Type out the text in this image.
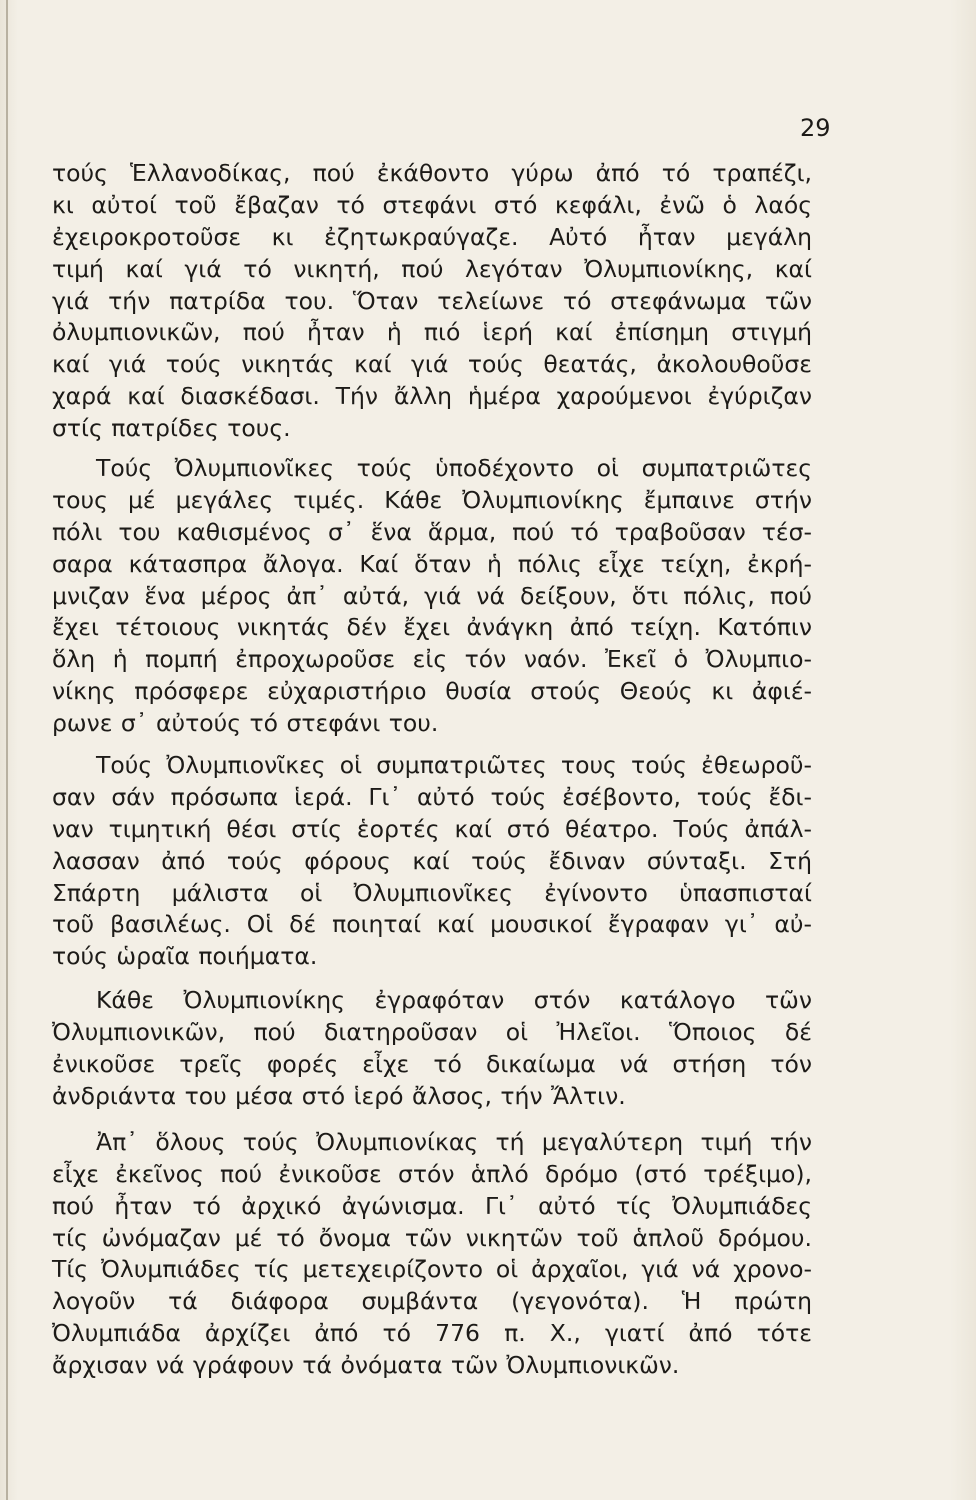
29
τούς Ἑλλανοδίκας, πού ἐκάθοντο γύρω ἀπό τό τραπέζι,
κι αὐτοί τοῦ ἔβαζαν τό στεφάνι στό κεφάλι, ἐνῶ ὁ λαός
ἐχειροκροτοῦσε κι ἐζητωκραύγαζε. Αὐτό ἦταν μεγάλη
τιμή καί γιά τό νικητή, πού λεγόταν Ὀλυμπιονίκης, καί
γιά τήν πατρίδα του. Ὅταν τελείωνε τό στεφάνωμα τῶν
ὀλυμπιονικῶν, πού ἦταν ἡ πιό ἱερή καί ἐπίσημη στιγμή
καί γιά τούς νικητάς καί γιά τούς θεατάς, ἀκολουθοῦσε
χαρά καί διασκέδασι. Τήν ἄλλη ἡμέρα χαρούμενοι ἐγύριζαν
στίς πατρίδες τους.
Τούς Ὀλυμπιονῖκες τούς ὑποδέχοντο οἱ συμπατριῶτες
τους μέ μεγάλες τιμές. Κάθε Ὀλυμπιονίκης ἔμπαινε στήν
πόλι του καθισμένος σ᾽ ἕνα ἅρμα, πού τό τραβοῦσαν τέσ-
σαρα κάτασπρα ἄλογα. Καί ὅταν ἡ πόλις εἶχε τείχη, ἐκρή-
μνιζαν ἕνα μέρος ἀπ᾽ αὐτά, γιά νά δείξουν, ὅτι πόλις, πού
ἔχει τέτοιους νικητάς δέν ἔχει ἀνάγκη ἀπό τείχη. Κατόπιν
ὅλη ἡ πομπή ἐπροχωροῦσε εἰς τόν ναόν. Ἐκεῖ ὁ Ὀλυμπιο-
νίκης πρόσφερε εὐχαριστήριο θυσία στούς Θεούς κι ἀφιέ-
ρωνε σ᾽ αὐτούς τό στεφάνι του.
Τούς Ὀλυμπιονῖκες οἱ συμπατριῶτες τους τούς ἐθεωροῦ-
σαν σάν πρόσωπα ἱερά. Γι᾽ αὐτό τούς ἐσέβοντο, τούς ἔδι-
ναν τιμητική θέσι στίς ἑορτές καί στό θέατρο. Τούς ἀπάλ-
λασσαν ἀπό τούς φόρους καί τούς ἔδιναν σύνταξι. Στή
Σπάρτη μάλιστα οἱ Ὀλυμπιονῖκες ἐγίνοντο ὑπασπισταί
τοῦ βασιλέως. Οἱ δέ ποιηταί καί μουσικοί ἔγραφαν γι᾽ αὐ-
τούς ὡραῖα ποιήματα.
Κάθε Ὀλυμπιονίκης ἐγραφόταν στόν κατάλογο τῶν
Ὀλυμπιονικῶν, πού διατηροῦσαν οἱ Ἠλεῖοι. Ὅποιος δέ
ἐνικοῦσε τρεῖς φορές εἶχε τό δικαίωμα νά στήση τόν
ἀνδριάντα του μέσα στό ἱερό ἄλσος, τήν Ἄλτιν.
Ἀπ᾽ ὅλους τούς Ὀλυμπιονίκας τή μεγαλύτερη τιμή τήν
εἶχε ἐκεῖνος πού ἐνικοῦσε στόν ἁπλό δρόμο (στό τρέξιμο),
πού ἦταν τό ἀρχικό ἀγώνισμα. Γι᾽ αὐτό τίς Ὀλυμπιάδες
τίς ὠνόμαζαν μέ τό ὄνομα τῶν νικητῶν τοῦ ἁπλοῦ δρόμου.
Τίς Ὀλυμπιάδες τίς μετεχειρίζοντο οἱ ἀρχαῖοι, γιά νά χρονο-
λογοῦν τά διάφορα συμβάντα (γεγονότα). Ἡ πρώτη
Ὀλυμπιάδα ἀρχίζει ἀπό τό 776 π. Χ., γιατί ἀπό τότε
ἄρχισαν νά γράφουν τά ὀνόματα τῶν Ὀλυμπιονικῶν.
